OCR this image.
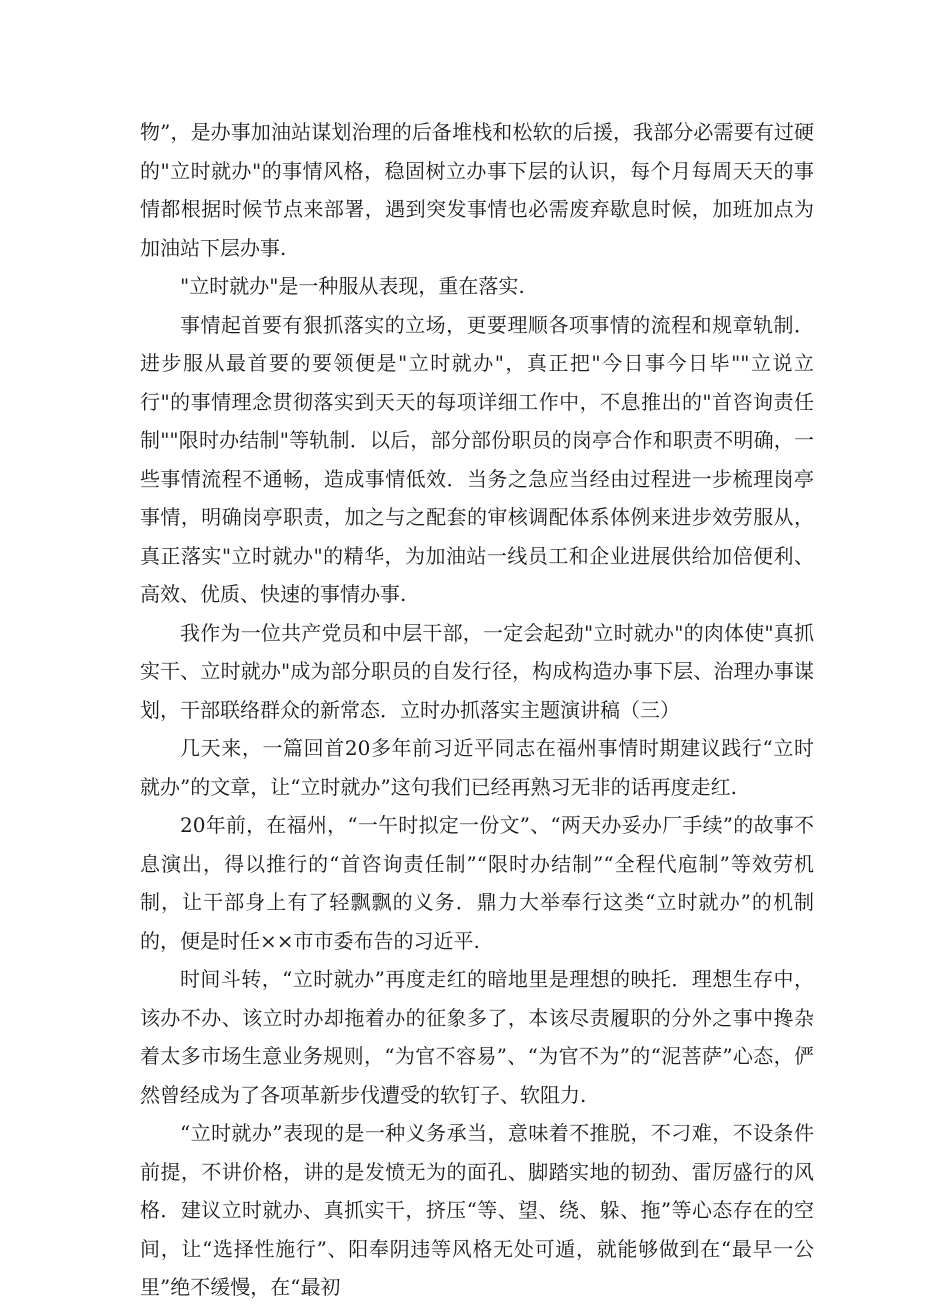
物”，是办事加油站谋划治理的后备堆栈和松软的后援，我部分必需要有过硬的"立时就办"的事情风格，稳固树立办事下层的认识，每个月每周天天的事情都根据时候节点来部署，遇到突发事情也必需废弃歇息时候，加班加点为加油站下层办事.

"立时就办"是一种服从表现，重在落实.

事情起首要有狠抓落实的立场，更要理顺各项事情的流程和规章轨制．进步服从最首要的要领便是"立时就办"，真正把"今日事今日毕""立说立行"的事情理念贯彻落实到天天的每项详细工作中，不息推出的"首咨询责任制""限时办结制"等轨制．以后，部分部份职员的岗亭合作和职责不明确，一些事情流程不通畅，造成事情低效．当务之急应当经由过程进一步梳理岗亭事情，明确岗亭职责，加之与之配套的审核调配体系体例来进步效劳服从，真正落实"立时就办"的精华，为加油站一线员工和企业进展供给加倍便利、高效、优质、快速的事情办事.

我作为一位共产党员和中层干部，一定会起劲"立时就办"的肉体使"真抓实干、立时就办"成为部分职员的自发行径，构成构造办事下层、治理办事谋划，干部联络群众的新常态．立时办抓落实主题演讲稿（三）

几天来，一篇回首20多年前习近平同志在福州事情时期建议践行“立时就办”的文章，让“立时就办”这句我们已经再熟习无非的话再度走红.

20年前，在福州，“一午时拟定一份文”、“两天办妥办厂手续”的故事不息演出，得以推行的“首咨询责任制”“限时办结制”“全程代庖制”等效劳机制，让干部身上有了轻飘飘的义务．鼎力大举奉行这类“立时就办”的机制的，便是时任××市市委布告的习近平.

时间斗转，“立时就办”再度走红的暗地里是理想的映托．理想生存中，该办不办、该立时办却拖着办的征象多了，本该尽责履职的分外之事中搀杂着太多市场生意业务规则，“为官不容易”、“为官不为”的“泥菩萨”心态，俨然曾经成为了各项革新步伐遭受的软钉子、软阻力.

“立时就办”表现的是一种义务承当，意味着不推脱，不刁难，不设条件前提，不讲价格，讲的是发愤无为的面孔、脚踏实地的韧劲、雷厉盛行的风格．建议立时就办、真抓实干，挤压“等、望、绕、躲、拖”等心态存在的空间，让“选择性施行”、阳奉阴违等风格无处可遁，就能够做到在“最早一公里”绝不缓慢，在“最初
